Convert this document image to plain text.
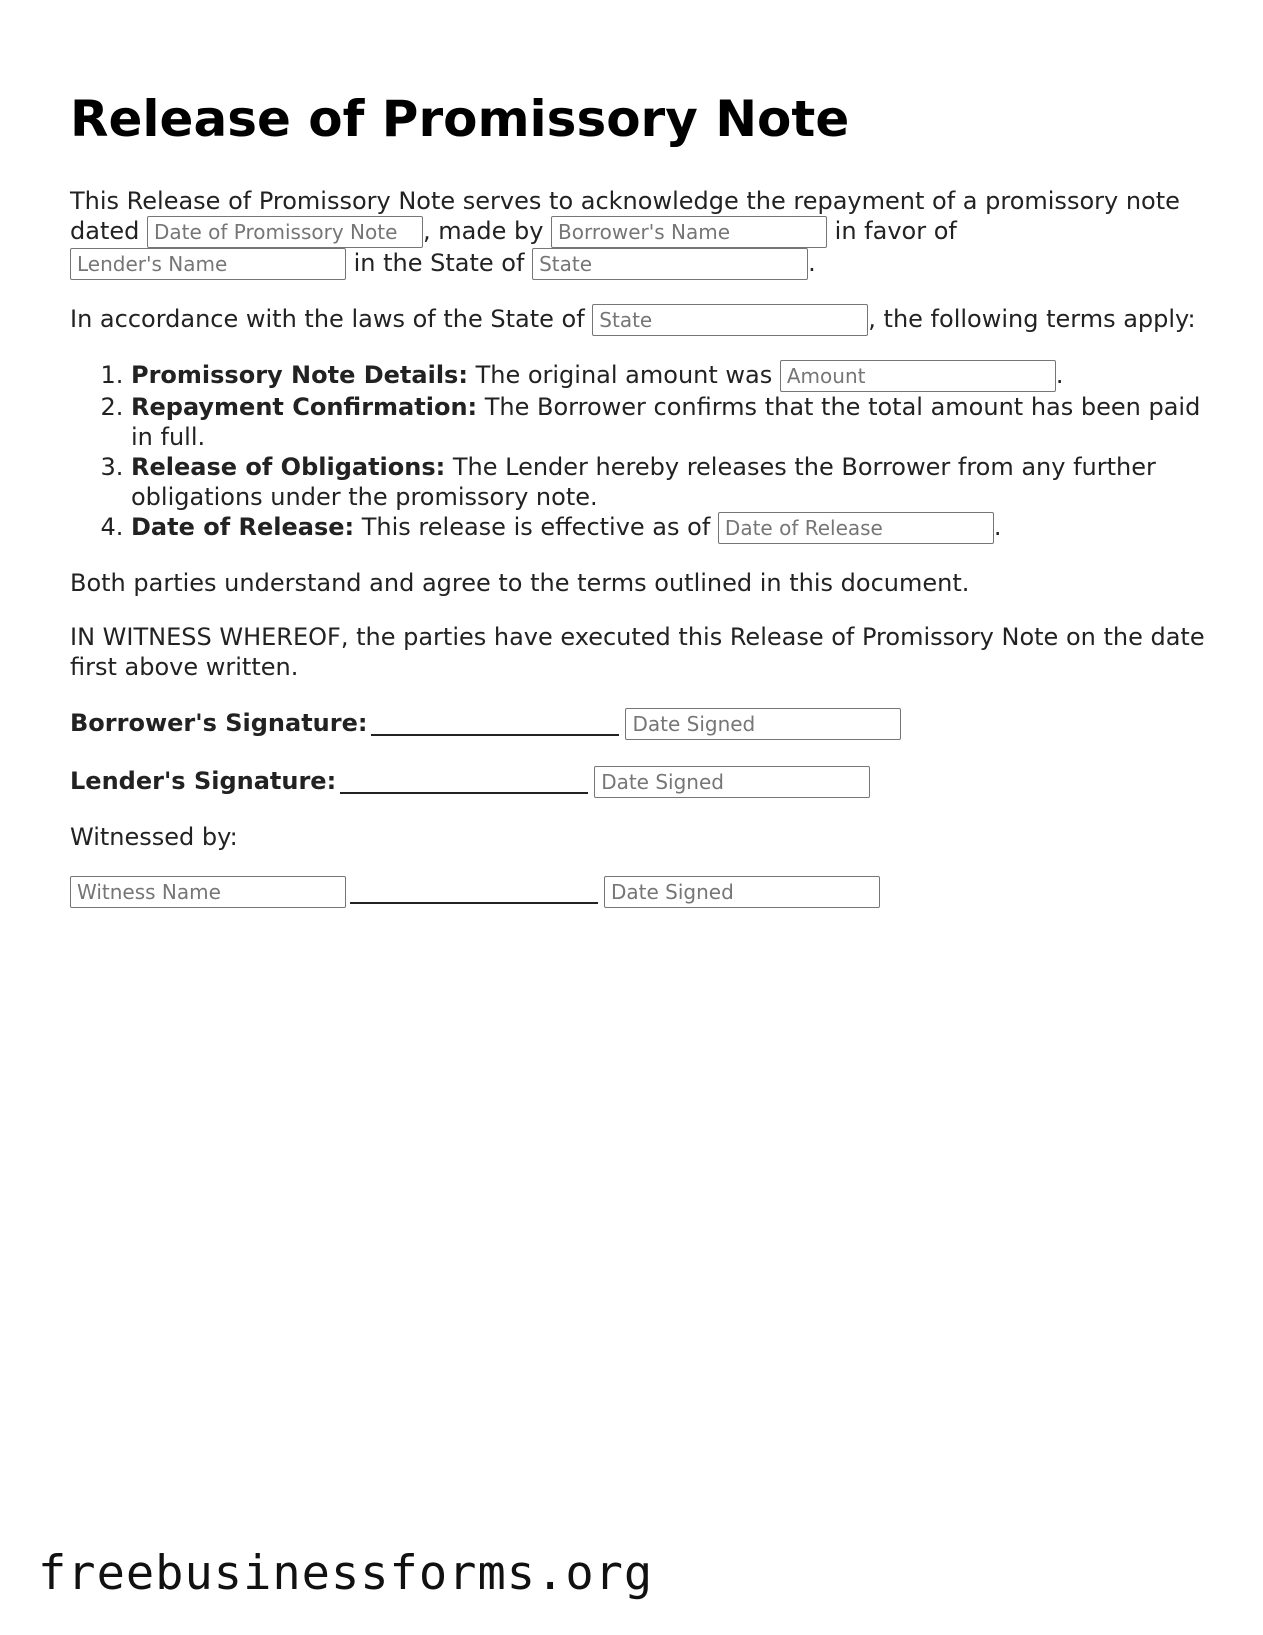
Release of Promissory Note

This Release of Promissory Note serves to acknowledge the repayment of a promissory note dated Date of Promissory Note	, made by Borrower's Name	in favor of Lender's Name in the State of State	.

In accordance with the laws of the State of State	, the following terms apply:

1. Promissory Note Details: The original amount was Amount	.
2. Repayment Confirmation: The Borrower confirms that the total amount has been paid in full.
3. Release of Obligations: The Lender hereby releases the Borrower from any further obligations under the promissory note.
4. Date of Release: This release is effective as of Date of Release	.

Both parties understand and agree to the terms outlined in this document.

IN WITNESS WHEREOF, the parties have executed this Release of Promissory Note on the date first above written.

Borrower's Signature:Date Signed
Lender's Signature:Date Signed
Witnessed by:
Witness NameDate Signed
freebusinessforms.org
